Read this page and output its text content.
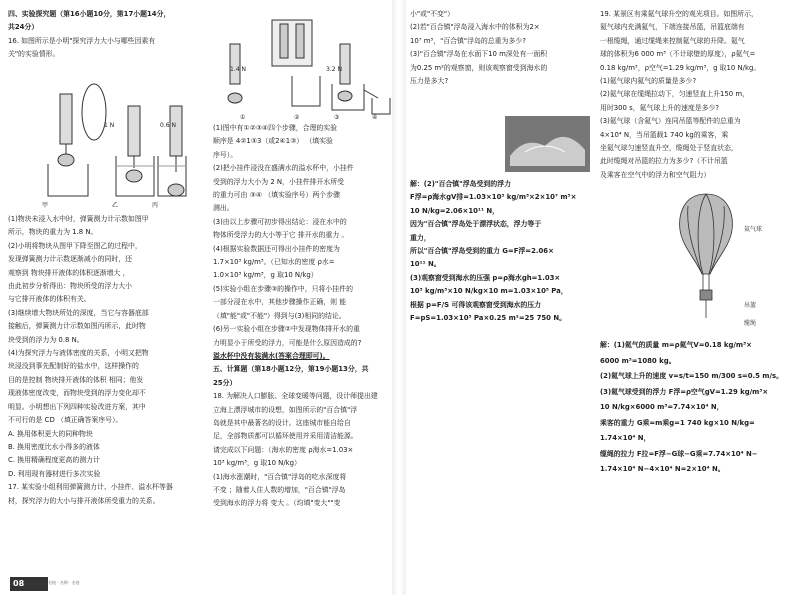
四、实验探究题（第16小题10分，第17小题14分，

共24分）

16. 如图所示是小明"探究浮力大小与哪些因素有

关"的实验情形。

1 N	0.6 N
甲	乙	丙

(1)物块未浸入水中时，弹簧测力计示数如图甲

所示，物块的重力为 1.8 N。

(2)小明将物块从图甲下降至图乙的过程中，

发现弹簧测力计示数逐渐减小的同时，还

观察到 物块排开液体的体积逐渐增大 ，

由此初步分析得出：物块所受的浮力大小

与它排开液体的体积有关。

(3)继续增大物块所处的深度，当它与容器底部

接触后，弹簧测力计示数如图丙所示，此时物

块受到的浮力为 0.8 N。

(4)为探究浮力与液体密度的关系，小明又把物

块浸没到事先配制好的盐水中，这样操作的

目的是控制 物块排开液体的体积 相同；他发

现液体密度改变，而物块受到的浮力变化却不

明显。小明想出下列四种实验改进方案，其中

不可行的是 CD （填正确答案序号）。

A. 换用体积更大的同种物块

B. 换用密度比水小得多的液体

C. 换用精确程度更高的测力计

D. 利用现有器材进行多次实验

17. 某实验小组利用弹簧测力计、小挂件、溢水杯等器

材，探究浮力的大小与排开液体所受重力的关系。

1.4 N	3.2 N
①	②	③	④

(1)图中有①②③④四个步骤，合理的实验

顺序是 4②1③3（或2④1③） （填实验

序号）。

(2)把小挂件浸没在盛满水的溢水杯中，小挂件

受到的浮力大小为 2 N，小挂件排开水所受

的重力可由 ③④ （填实验序号）两个步骤

测出。

(3)由以上步骤可初步得出结论：浸在水中的

物体所受浮力的大小等于它 排开水的重力 。

(4)根据实验数据还可得出小挂件的密度为

1.7×10³ kg/m³。（已知水的密度 ρ水=

1.0×10³ kg/m³，g 取10 N/kg）

(5)实验小组在步骤③的操作中，只将小挂件的

一部分浸在水中，其他步骤操作正确，则 能

（填"能"或"不能"）得到与(3)相同的结论。

(6)另一实验小组在步骤②中发现物体排开水的重

力明显小于所受的浮力，可能是什么原因造成的?

溢水杯中没有装满水(答案合理即可)。

五、计算题（第18小题12分，第19小题13分，共

25分）

18. 为解决人口膨胀、全球变暖等问题，设计师提出建

立海上漂浮城市的设想，如图所示的"百合镇"浮

岛就是其中最著名的设计。这座城市能自给自

足，全部物质都可以循环使用并采用清洁能源。

请完成以下问题：（海水的密度 ρ海水=1.03×

10³ kg/m³，g 取10 N/kg）

(1)海水涨潮时，"百合镇"浮岛的吃水深度将

不变 ；随着人住人数的增加，"百合镇"浮岛

受到海水的浮力将 变大 。（均填"变大""变

小"或"不变"）

(2)若"百合镇"浮岛浸入海水中的体积为2×

10⁷ m³，"百合镇"浮岛的总重为多少?

(3)"百合镇"浮岛在水面下10 m深处有一面积

为0.25 m²的观察窗，则该观察窗受到海水的

压力是多大?

解：(2)"百合镇"浮岛受到的浮力

F浮=ρ海水gV排=1.03×10³ kg/m³×2×10⁷ m³×

10 N/kg=2.06×10¹¹ N，

因为"百合镇"浮岛处于漂浮状态，浮力等于

重力，

所以"百合镇"浮岛受到的重力 G=F浮=2.06×

10¹¹ N。

(3)观察窗受到海水的压强 p=ρ海水gh=1.03×

10³ kg/m³×10 N/kg×10 m=1.03×10⁵ Pa，

根据 p=F/S 可得该观察窗受到海水的压力

F=pS=1.03×10⁵ Pa×0.25 m²=25 750 N。

19. 某景区有乘氦气球升空的观光项目。如图所示，

氦气球内充满氦气，下端连接吊篮，吊篮底端有

一根缆绳，通过缆绳来控制氦气球的升降。氦气

球的体积为6 000 m³（不计球壁的厚度），ρ氦气=

0.18 kg/m³，ρ空气=1.29 kg/m³，g 取10 N/kg。

(1)氦气球内氦气的质量是多少?

(2)氦气球在缆绳拉动下，匀速竖直上升150 m，

用时300 s，氦气球上升的速度是多少?

(3)氦气球（含氦气）连同吊篮等配件的总重为

4×10⁴ N，当吊篮载1 740 kg的乘客，乘

坐氦气球匀速竖直升空，缆绳处于竖直状态，

此时缆绳对吊篮的拉力为多少?（不计吊篮

及乘客在空气中的浮力和空气阻力）

氦气球
吊篮
缆绳

解：(1)氦气的质量 m=ρ氦气V=0.18 kg/m³×

6000 m³=1080 kg。

(2)氦气球上升的速度 v=s/t=150 m/300 s=0.5 m/s。

(3)氦气球受到的浮力 F浮=ρ空气gV=1.29 kg/m³×

10 N/kg×6000 m³=7.74×10⁴ N，

乘客的重力 G乘=m乘g=1 740 kg×10 N/kg=

1.74×10⁴ N，

缆绳的拉力 F拉=F浮−G球−G乘=7.74×10⁴ N−

1.74×10⁴ N−4×10⁴ N=2×10⁴ N。

08	名校 · 名师 · 名卷
